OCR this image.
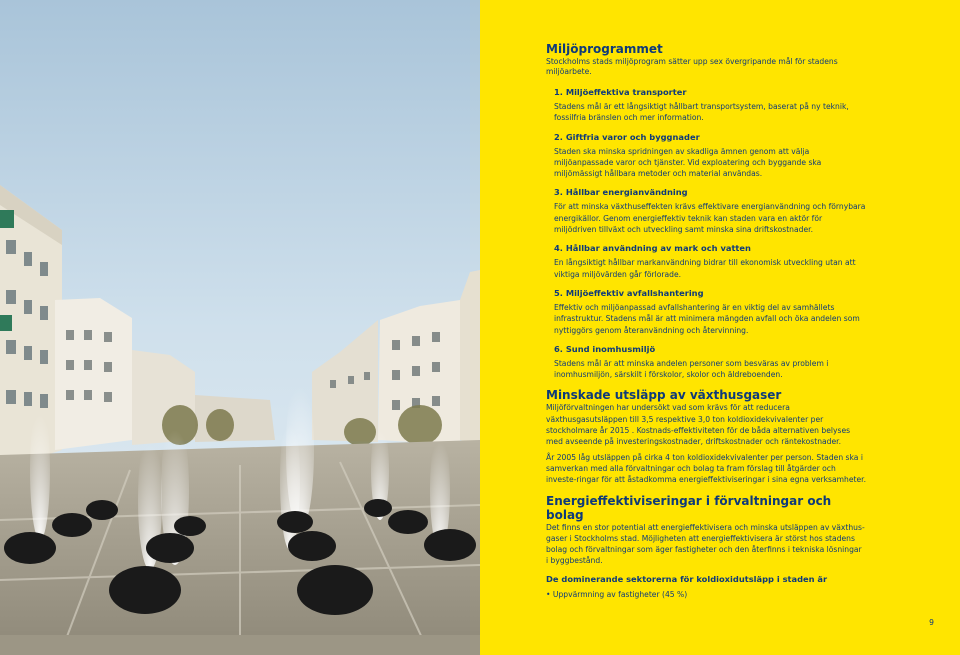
Miljöprogrammet

Stockholms stads miljöprogram sätter upp sex övergripande mål för stadens miljöarbete.

1. Miljöeffektiva transporter

Stadens mål är ett långsiktigt hållbart transportsystem, baserat på ny teknik, fossilfria bränslen och mer information.

2. Giftfria varor och byggnader

Staden ska minska spridningen av skadliga ämnen genom att välja miljöanpassade varor och tjänster. Vid exploatering och byggande ska miljömässigt hållbara metoder och material användas.

3. Hållbar energianvändning

För att minska växthuseffekten krävs effektivare energianvändning och förnybara energikällor. Genom energieffektiv teknik kan staden vara en aktör för miljödriven tillväxt och utveckling samt minska sina driftskostnader.

4. Hållbar användning av mark och vatten

En långsiktigt hållbar markanvändning bidrar till ekonomisk utveckling utan att viktiga miljövärden går förlorade.

5. Miljöeffektiv avfallshantering

Effektiv och miljöanpassad avfallshantering är en viktig del av samhällets infrastruktur. Stadens mål är att minimera mängden avfall och öka andelen som nyttiggörs genom återanvändning och återvinning.

6. Sund inomhusmiljö

Stadens mål är att minska andelen personer som besväras av problem i inomhusmiljön, särskilt i förskolor, skolor och äldreboenden.

Minskade utsläpp av växthusgaser

Miljöförvaltningen har undersökt vad som krävs för att reducera växthusgasutsläppen till 3,5 respektive 3,0 ton koldioxidekvivalenter per stockholmare år 2015 . Kostnads-effektiviteten för de båda alternativen belyses med avseende på investeringskostnader, driftskostnader och räntekostnader.

År 2005 låg utsläppen på cirka 4 ton koldioxidekvivalenter per person. Staden ska i samverkan med alla förvaltningar och bolag ta fram förslag till åtgärder och investe-ringar för att åstadkomma energieffektiviseringar i sina egna verksamheter.

Energieffektiviseringar i förvaltningar och bolag

Det finns en stor potential att energieffektivisera och minska utsläppen av växthus-gaser i Stockholms stad. Möjligheten att energieffektivisera är störst hos stadens bolag och förvaltningar som äger fastigheter och den återfinns i tekniska lösningar i byggbestånd.

De dominerande sektorerna för koldioxidutsläpp i staden är

• Uppvärmning av fastigheter (45 %)

9
